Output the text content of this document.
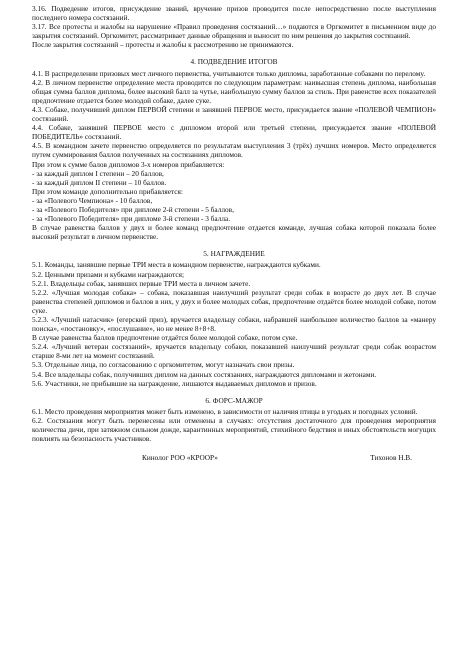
3.16. Подведение итогов, присуждение званий, вручение призов проводится после непосредственно после выступления последнего номера состязаний.

3.17. Все протесты и жалобы на нарушение «Правил проведения состязаний…» подаются в Оргкомитет в письменном виде до закрытия состязаний. Оргкомитет, рассматривает данные обращения и выносит по ним решения до закрытия состязаний.

После закрытия состязаний – протесты и жалобы к рассмотрению не принимаются.

4. ПОДВЕДЕНИЕ ИТОГОВ

4.1. В распределении призовых мест личного первенства, учитываются только дипломы, заработанные собаками по перелому.

4.2. В личном первенстве определение места проводится по следующим параметрам: наивысшая степень диплома, наибольшая общая сумма баллов диплома, более высокий балл за чутье, наибольшую сумму баллов за стиль. При равенстве всех показателей предпочтение отдается более молодой собаке, далее суке.

4.3. Собаке, получившей диплом ПЕРВОЙ степени и занявшей ПЕРВОЕ место, присуждается звание «ПОЛЕВОЙ ЧЕМПИОН» состязаний.

4.4. Собаке, занявшей ПЕРВОЕ место с дипломом второй или третьей степени, присуждается звание «ПОЛЕВОЙ ПОБЕДИТЕЛЬ» состязаний.

4.5. В командном зачете первенство определяется по результатам выступления 3 (трёх) лучших номеров. Место определяется путем суммирования баллов полученных на состязаниях дипломов.

При этом к сумме балов дипломов 3-х номеров прибавляется:

- за каждый диплом I степени – 20 баллов,

- за каждый диплом II степени – 10 баллов.

При этом команде дополнительно прибавляется:

- за «Полевого Чемпиона» - 10 баллов,

- за «Полевого Победителя» при дипломе 2-й степени - 5 баллов,

- за «Полевого Победителя» при дипломе 3-й степени - 3 балла.

В случае равенства баллов у двух и более команд предпочтение отдается команде, лучшая собака которой показала более высокий результат в личном первенстве.

5. НАГРАЖДЕНИЕ

5.1. Команды, занявшие первые ТРИ места в командном первенстве, награждаются кубками.

5.2. Ценными призами и кубками награждаются;

5.2.1. Владельцы собак, занявших первые ТРИ места в личном зачете.

5.2.2. «Лучшая молодая собака» – собака, показавшая наилучший результат среди собак в возрасте до двух лет. В случае равенства степеней дипломов и баллов в них, у двух и более молодых собак, предпочтение отдаётся более молодой собаке, потом суке.

5.2.3. «Лучший натасчик» (егерский приз), вручается владельцу собаки, набравшей наибольшее количество баллов за «манеру поиска», «постановку», «послушание», но не менее 8+8+8.

В случае равенства баллов предпочтение отдаётся более молодой собаке, потом суке.

5.2.4. «Лучший ветеран состязаний», вручается владельцу собаки, показавшей наилучший результат среди собак возрастом старше 8-ми лет на момент состязаний.

5.3. Отдельные лица, по согласованию с оргкомитетом, могут назначать свои призы.

5.4. Все владельцы собак, получивших диплом на данных состязаниях, награждаются дипломами и жетонами.

5.6. Участники, не прибывшие на награждение, лишаются выдаваемых дипломов и призов.

6. ФОРС-МАЖОР

6.1. Место проведения мероприятия может быть изменено, в зависимости от наличия птицы в угодьях и погодных условий.

6.2. Состязания могут быть перенесены или отменены в случаях: отсутствия достаточного для проведения мероприятия количества дичи, при затяжном сильном дожде, карантинных мероприятий, стихийного бедствия и иных обстоятельств могущих повлиять на безопасность участников.

Кинолог РОО «КРООР»	Тихонов Н.В.
